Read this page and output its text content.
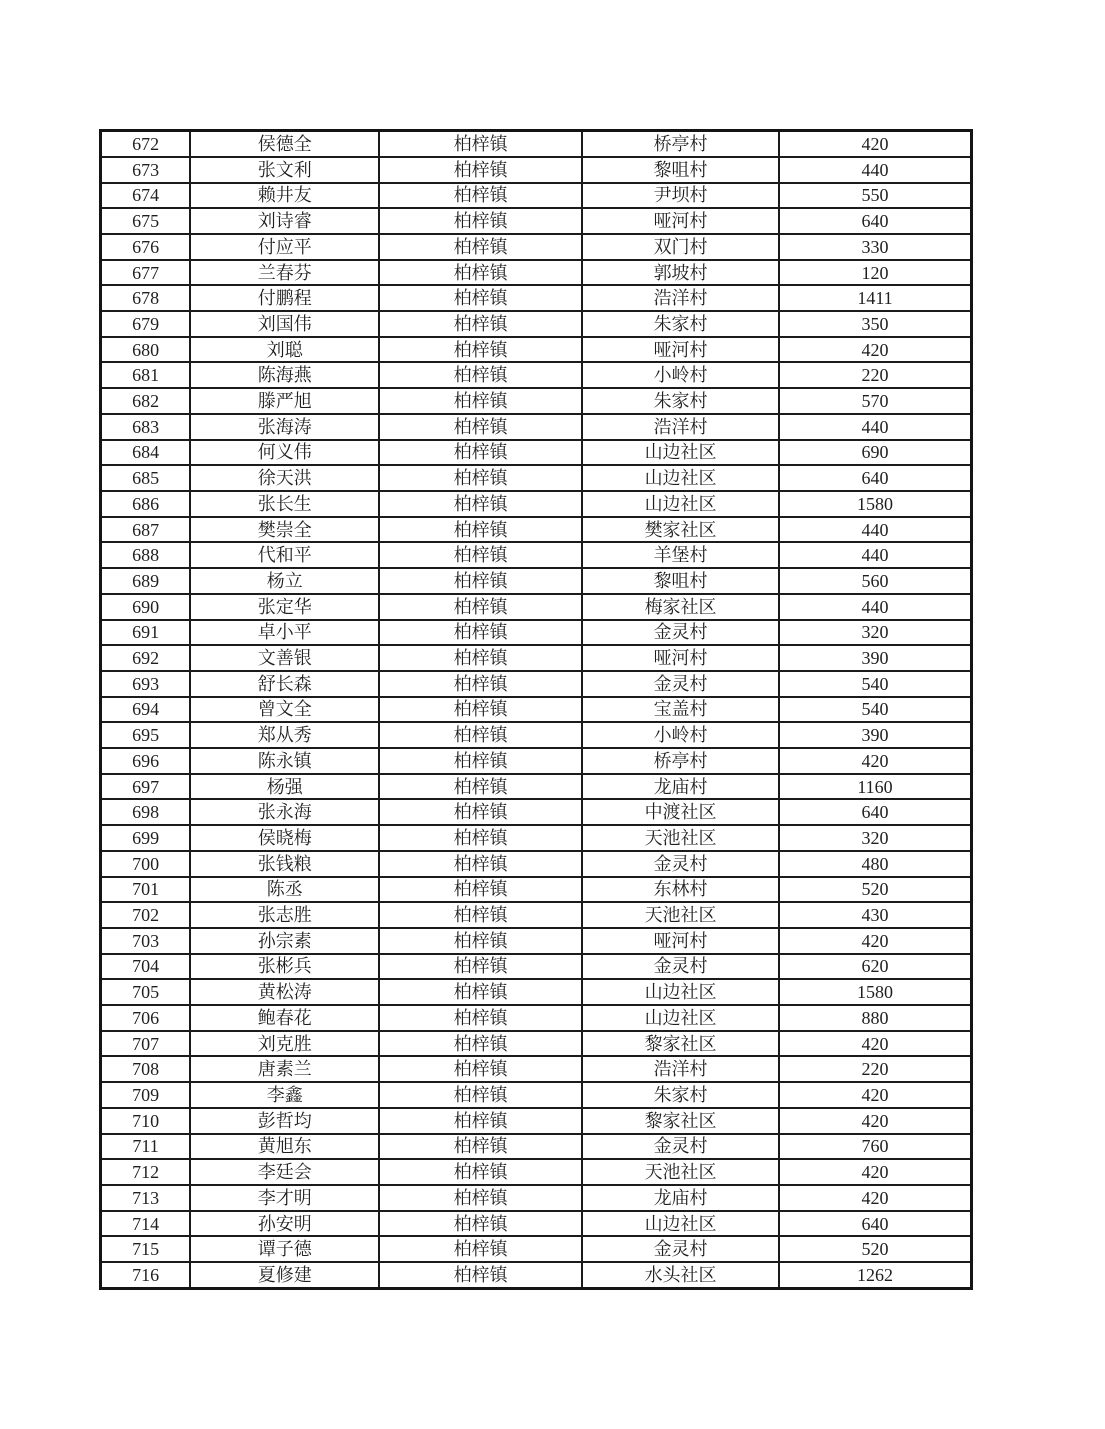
672	侯德全	柏梓镇	桥亭村	420
673	张文利	柏梓镇	黎咀村	440
674	赖井友	柏梓镇	尹坝村	550
675	刘诗睿	柏梓镇	哑河村	640
676	付应平	柏梓镇	双门村	330
677	兰春芬	柏梓镇	郭坡村	120
678	付鹏程	柏梓镇	浩洋村	1411
679	刘国伟	柏梓镇	朱家村	350
680	刘聪	柏梓镇	哑河村	420
681	陈海燕	柏梓镇	小岭村	220
682	滕严旭	柏梓镇	朱家村	570
683	张海涛	柏梓镇	浩洋村	440
684	何义伟	柏梓镇	山边社区	690
685	徐天洪	柏梓镇	山边社区	640
686	张长生	柏梓镇	山边社区	1580
687	樊崇全	柏梓镇	樊家社区	440
688	代和平	柏梓镇	羊堡村	440
689	杨立	柏梓镇	黎咀村	560
690	张定华	柏梓镇	梅家社区	440
691	卓小平	柏梓镇	金灵村	320
692	文善银	柏梓镇	哑河村	390
693	舒长森	柏梓镇	金灵村	540
694	曾文全	柏梓镇	宝盖村	540
695	郑从秀	柏梓镇	小岭村	390
696	陈永镇	柏梓镇	桥亭村	420
697	杨强	柏梓镇	龙庙村	1160
698	张永海	柏梓镇	中渡社区	640
699	侯晓梅	柏梓镇	天池社区	320
700	张钱粮	柏梓镇	金灵村	480
701	陈丞	柏梓镇	东林村	520
702	张志胜	柏梓镇	天池社区	430
703	孙宗素	柏梓镇	哑河村	420
704	张彬兵	柏梓镇	金灵村	620
705	黄松涛	柏梓镇	山边社区	1580
706	鲍春花	柏梓镇	山边社区	880
707	刘克胜	柏梓镇	黎家社区	420
708	唐素兰	柏梓镇	浩洋村	220
709	李鑫	柏梓镇	朱家村	420
710	彭哲均	柏梓镇	黎家社区	420
711	黄旭东	柏梓镇	金灵村	760
712	李廷会	柏梓镇	天池社区	420
713	李才明	柏梓镇	龙庙村	420
714	孙安明	柏梓镇	山边社区	640
715	谭子德	柏梓镇	金灵村	520
716	夏修建	柏梓镇	水头社区	1262
